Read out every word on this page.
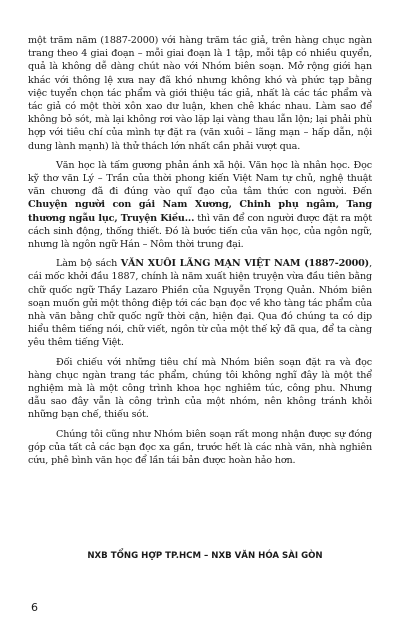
một trăm năm (1887-2000) với hàng trăm tác giả, trên hàng chục ngàn trang theo 4 giai đoạn – mỗi giai đoạn là 1 tập, mỗi tập có nhiều quyển, quả là không dễ dàng chút nào với Nhóm biên soạn. Mở rộng giới hạn khác với thông lệ xưa nay đã khó nhưng không khó và phức tạp bằng việc tuyển chọn tác phẩm và giới thiệu tác giả, nhất là các tác phẩm và tác giả có một thời xôn xao dư luận, khen chê khác nhau. Làm sao để không bỏ sót, mà lại không rơi vào lặp lại vàng thau lẫn lộn; lại phải phù hợp với tiêu chí của mình tự đặt ra (văn xuôi – lãng mạn – hấp dẫn, nội dung lành mạnh) là thử thách lớn nhất cần phải vượt qua.

Văn học là tấm gương phản ánh xã hội. Văn học là nhân học. Đọc kỹ thơ văn Lý – Trần của thời phong kiến Việt Nam tự chủ, nghệ thuật văn chương đã đi đúng vào quĩ đạo của tâm thức con người. Đến Chuyện người con gái Nam Xương, Chinh phụ ngâm, Tang thương ngẫu lục, Truyện Kiều... thì văn để con người được đặt ra một cách sinh động, thống thiết. Đó là bước tiến của văn học, của ngôn ngữ, nhưng là ngôn ngữ Hán – Nôm thời trung đại.

Làm bộ sách VĂN XUÔI LÃNG MẠN VIỆT NAM (1887-2000), cái mốc khởi đầu 1887, chính là năm xuất hiện truyện vừa đầu tiên bằng chữ quốc ngữ Thầy Lazaro Phiền của Nguyễn Trọng Quản. Nhóm biên soạn muốn gửi một thông điệp tới các bạn đọc về kho tàng tác phẩm của nhà văn bằng chữ quốc ngữ thời cận, hiện đại. Qua đó chúng ta có dịp hiểu thêm tiếng nói, chữ viết, ngôn từ của một thế kỷ đã qua, để ta càng yêu thêm tiếng Việt.

Đối chiếu với những tiêu chí mà Nhóm biên soạn đặt ra và đọc hàng chục ngàn trang tác phẩm, chúng tôi không nghĩ đây là một thể nghiệm mà là một công trình khoa học nghiêm túc, công phu. Nhưng dẫu sao đây vẫn là công trình của một nhóm, nên không tránh khỏi những bạn chế, thiếu sót.

Chúng tôi cũng như Nhóm biên soạn rất mong nhận được sự đóng góp của tất cả các bạn đọc xa gần, trước hết là các nhà văn, nhà nghiên cứu, phê bình văn học để lần tái bản được hoàn hảo hơn.

NXB TỔNG HỢP TP.HCM – NXB VĂN HÓA SÀI GÒN
6
